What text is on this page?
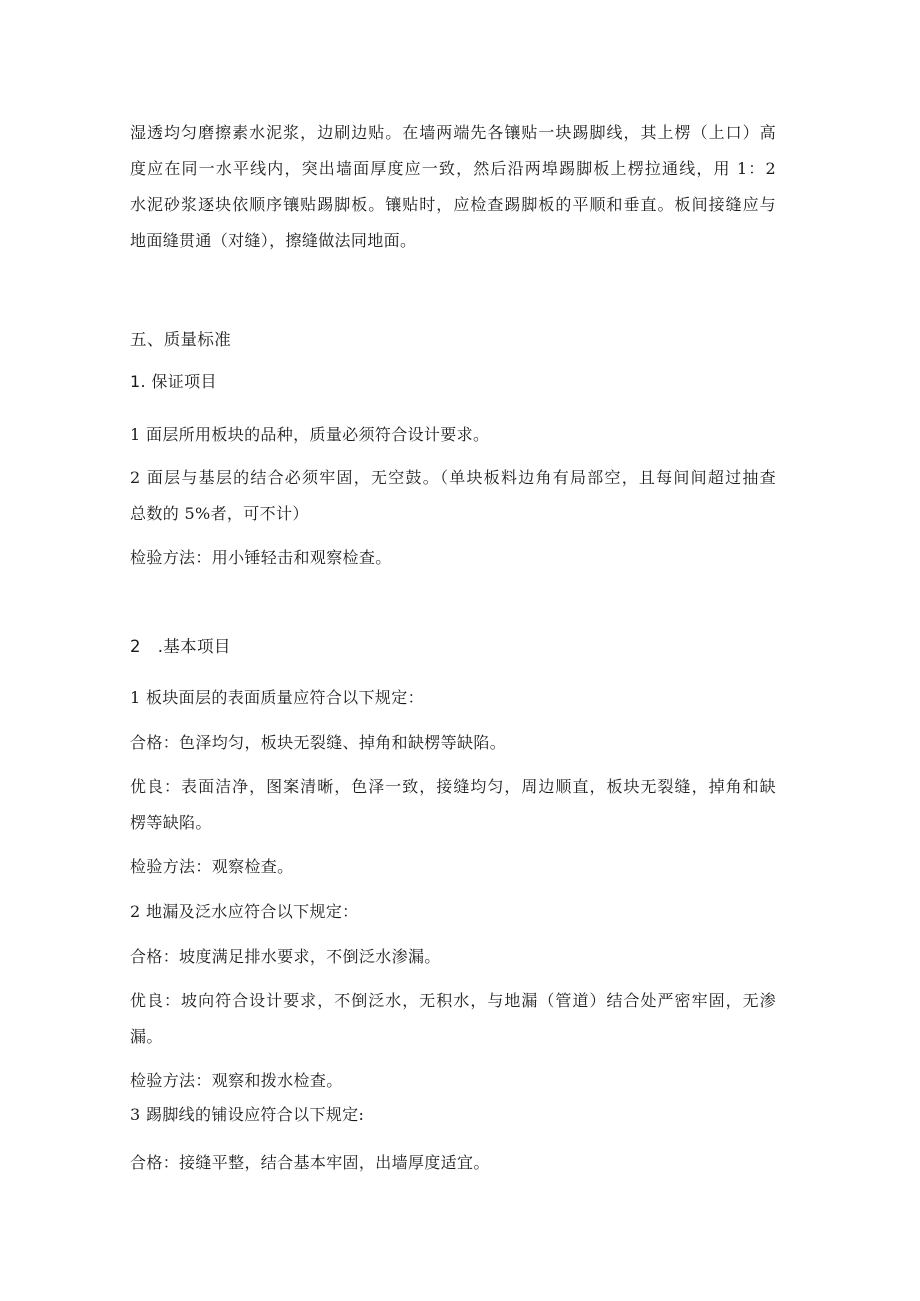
湿透均匀磨擦素水泥浆，边刷边贴。在墙两端先各镶贴一块踢脚线，其上楞（上口）高
度应在同一水平线内，突出墙面厚度应一致，然后沿两埠踢脚板上楞拉通线，用 1：2
水泥砂浆逐块依顺序镶贴踢脚板。镶贴时，应检查踢脚板的平顺和垂直。板间接缝应与
地面缝贯通（对缝），擦缝做法同地面。
五、质量标准
1. 保证项目
1 面层所用板块的品种，质量必须符合设计要求。
2 面层与基层的结合必须牢固，无空鼓。（单块板料边角有局部空，且每间间超过抽查
总数的 5%者，可不计）
检验方法：用小锤轻击和观察检查。
2　.基本项目
1 板块面层的表面质量应符合以下规定：
合格：色泽均匀，板块无裂缝、掉角和缺楞等缺陷。
优良：表面洁净，图案清晰，色泽一致，接缝均匀，周边顺直，板块无裂缝，掉角和缺
楞等缺陷。
检验方法：观察检查。
2 地漏及泛水应符合以下规定：
合格：坡度满足排水要求，不倒泛水渗漏。
优良：坡向符合设计要求，不倒泛水，无积水，与地漏（管道）结合处严密牢固，无渗
漏。
检验方法：观察和拨水检查。
3 踢脚线的铺设应符合以下规定:
合格：接缝平整，结合基本牢固，出墙厚度适宜。
